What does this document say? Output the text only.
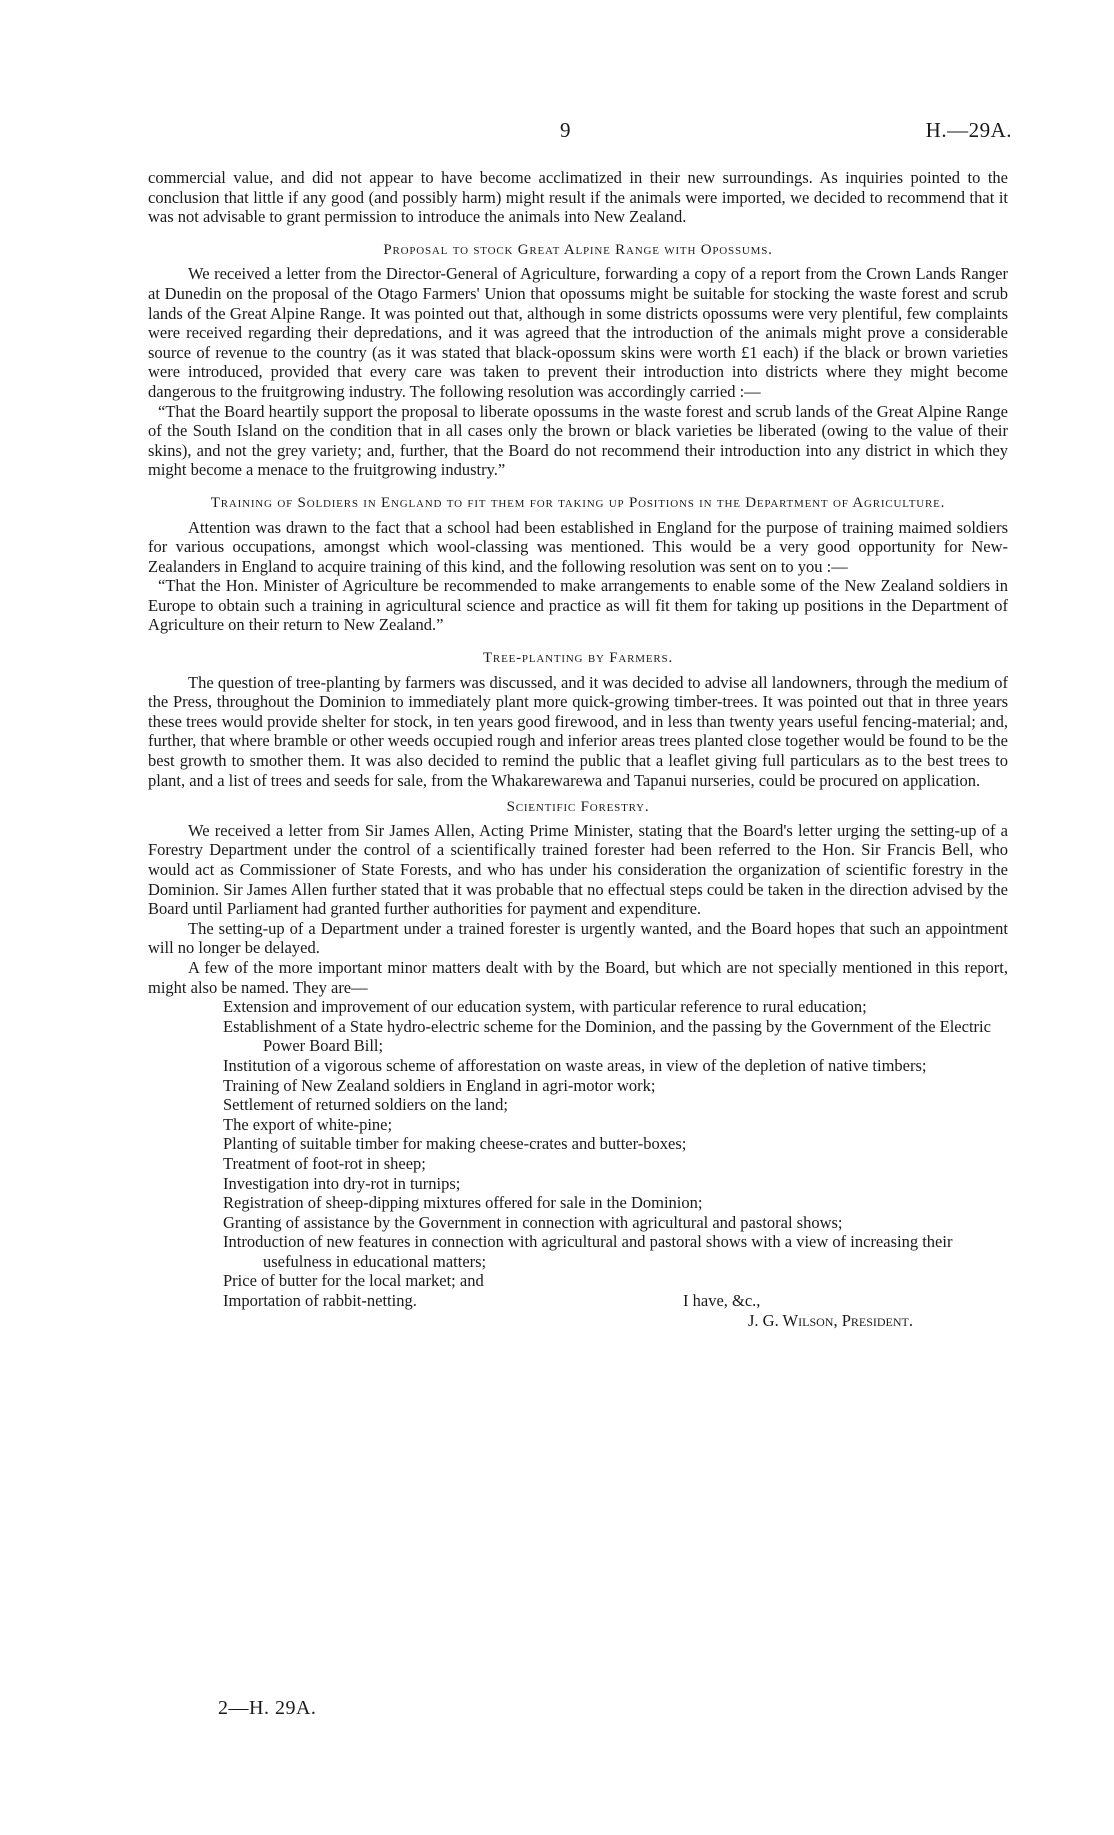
9	H.—29A.

commercial value, and did not appear to have become acclimatized in their new surroundings. As inquiries pointed to the conclusion that little if any good (and possibly harm) might result if the animals were imported, we decided to recommend that it was not advisable to grant permission to introduce the animals into New Zealand.

Proposal to stock Great Alpine Range with Opossums.

We received a letter from the Director-General of Agriculture, forwarding a copy of a report from the Crown Lands Ranger at Dunedin on the proposal of the Otago Farmers' Union that opossums might be suitable for stocking the waste forest and scrub lands of the Great Alpine Range. It was pointed out that, although in some districts opossums were very plentiful, few complaints were received regarding their depredations, and it was agreed that the introduction of the animals might prove a considerable source of revenue to the country (as it was stated that black-opossum skins were worth £1 each) if the black or brown varieties were introduced, provided that every care was taken to prevent their introduction into districts where they might become dangerous to the fruitgrowing industry. The following resolution was accordingly carried :—

“That the Board heartily support the proposal to liberate opossums in the waste forest and scrub lands of the Great Alpine Range of the South Island on the condition that in all cases only the brown or black varieties be liberated (owing to the value of their skins), and not the grey variety; and, further, that the Board do not recommend their introduction into any district in which they might become a menace to the fruitgrowing industry.”

Training of Soldiers in England to fit them for taking up Positions in the Department of Agriculture.

Attention was drawn to the fact that a school had been established in England for the purpose of training maimed soldiers for various occupations, amongst which wool-classing was mentioned. This would be a very good opportunity for New-Zealanders in England to acquire training of this kind, and the following resolution was sent on to you :—

“That the Hon. Minister of Agriculture be recommended to make arrangements to enable some of the New Zealand soldiers in Europe to obtain such a training in agricultural science and practice as will fit them for taking up positions in the Department of Agriculture on their return to New Zealand.”

Tree-planting by Farmers.

The question of tree-planting by farmers was discussed, and it was decided to advise all landowners, through the medium of the Press, throughout the Dominion to immediately plant more quick-growing timber-trees. It was pointed out that in three years these trees would provide shelter for stock, in ten years good firewood, and in less than twenty years useful fencing-material; and, further, that where bramble or other weeds occupied rough and inferior areas trees planted close together would be found to be the best growth to smother them. It was also decided to remind the public that a leaflet giving full particulars as to the best trees to plant, and a list of trees and seeds for sale, from the Whakarewarewa and Tapanui nurseries, could be procured on application.

Scientific Forestry.

We received a letter from Sir James Allen, Acting Prime Minister, stating that the Board's letter urging the setting-up of a Forestry Department under the control of a scientifically trained forester had been referred to the Hon. Sir Francis Bell, who would act as Commissioner of State Forests, and who has under his consideration the organization of scientific forestry in the Dominion. Sir James Allen further stated that it was probable that no effectual steps could be taken in the direction advised by the Board until Parliament had granted further authorities for payment and expenditure.

The setting-up of a Department under a trained forester is urgently wanted, and the Board hopes that such an appointment will no longer be delayed.

A few of the more important minor matters dealt with by the Board, but which are not specially mentioned in this report, might also be named. They are—

Extension and improvement of our education system, with particular reference to rural education;
Establishment of a State hydro-electric scheme for the Dominion, and the passing by the Government of the Electric Power Board Bill;
Institution of a vigorous scheme of afforestation on waste areas, in view of the depletion of native timbers;
Training of New Zealand soldiers in England in agri-motor work;
Settlement of returned soldiers on the land;
The export of white-pine;
Planting of suitable timber for making cheese-crates and butter-boxes;
Treatment of foot-rot in sheep;
Investigation into dry-rot in turnips;
Registration of sheep-dipping mixtures offered for sale in the Dominion;
Granting of assistance by the Government in connection with agricultural and pastoral shows;
Introduction of new features in connection with agricultural and pastoral shows with a view of increasing their usefulness in educational matters;
Price of butter for the local market; and
Importation of rabbit-netting.	I have, &c.,
J. G. Wilson, President.
2—H. 29A.
